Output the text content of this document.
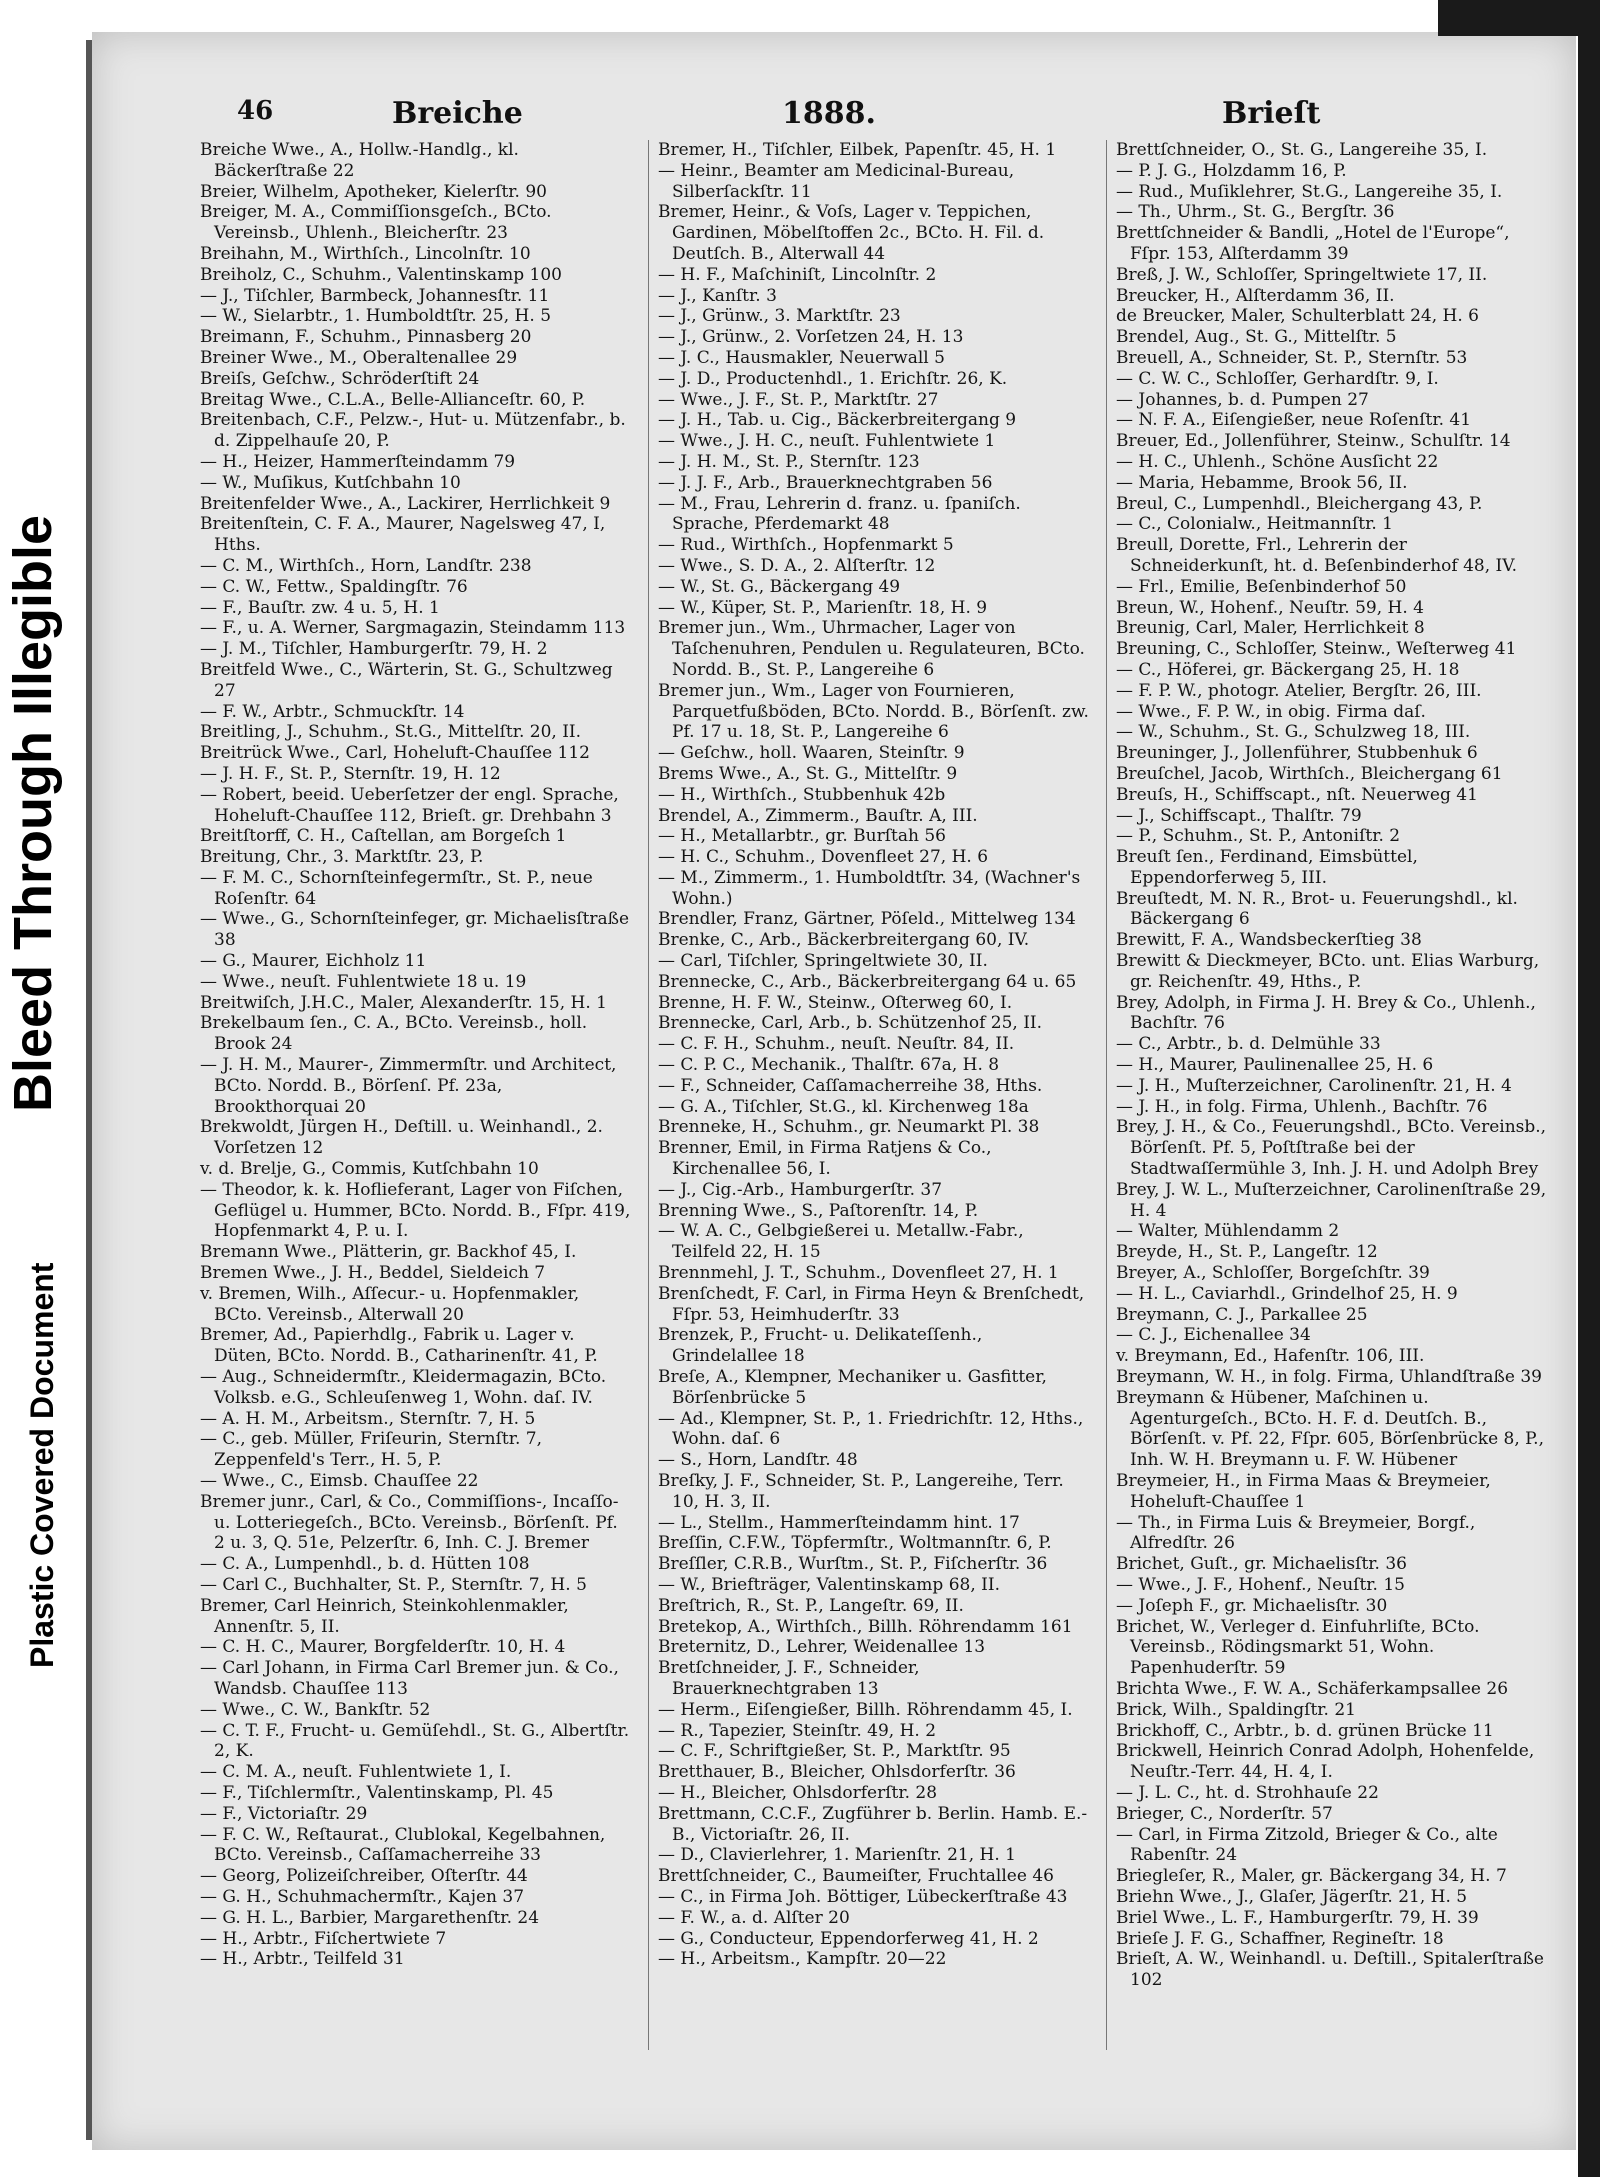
Bleed Through Illegible
Plastic Covered Document
46	Breiche	1888.	Brieſt
Breiche Wwe., A., Hollw.-Handlg., kl. Bäckerſtraße 22
Breier, Wilhelm, Apotheker, Kielerſtr. 90
Breiger, M. A., Commiſſionsgeſch., BCto. Vereinsb., Uhlenh., Bleicherſtr. 23
Breihahn, M., Wirthſch., Lincolnſtr. 10
Breiholz, C., Schuhm., Valentinskamp 100
— J., Tiſchler, Barmbeck, Johannesſtr. 11
— W., Sielarbtr., 1. Humboldtſtr. 25, H. 5
Breimann, F., Schuhm., Pinnasberg 20
Breiner Wwe., M., Oberaltenallee 29
Breiſs, Geſchw., Schröderſtift 24
Breitag Wwe., C.L.A., Belle-Allianceſtr. 60, P.
Breitenbach, C.F., Pelzw.-, Hut- u. Mützenfabr., b. d. Zippelhauſe 20, P.
— H., Heizer, Hammerſteindamm 79
— W., Muſikus, Kutſchbahn 10
Breitenfelder Wwe., A., Lackirer, Herrlichkeit 9
Breitenſtein, C. F. A., Maurer, Nagelsweg 47, I, Hths.
— C. M., Wirthſch., Horn, Landſtr. 238
— C. W., Fettw., Spaldingſtr. 76
— F., Bauſtr. zw. 4 u. 5, H. 1
— F., u. A. Werner, Sargmagazin, Steindamm 113
— J. M., Tiſchler, Hamburgerſtr. 79, H. 2
Breitfeld Wwe., C., Wärterin, St. G., Schultzweg 27
— F. W., Arbtr., Schmuckſtr. 14
Breitling, J., Schuhm., St.G., Mittelſtr. 20, II.
Breitrück Wwe., Carl, Hoheluft-Chauſſee 112
— J. H. F., St. P., Sternſtr. 19, H. 12
— Robert, beeid. Ueberſetzer der engl. Sprache, Hoheluft-Chauſſee 112, Brieſt. gr. Drehbahn 3
Breitſtorff, C. H., Caſtellan, am Borgeſch 1
Breitung, Chr., 3. Marktſtr. 23, P.
— F. M. C., Schornſteinfegermſtr., St. P., neue Roſenſtr. 64
— Wwe., G., Schornſteinfeger, gr. Michaelisſtraße 38
— G., Maurer, Eichholz 11
— Wwe., neuſt. Fuhlentwiete 18 u. 19
Breitwiſch, J.H.C., Maler, Alexanderſtr. 15, H. 1
Brekelbaum ſen., C. A., BCto. Vereinsb., holl. Brook 24
— J. H. M., Maurer-, Zimmermſtr. und Architect, BCto. Nordd. B., Börſenſ. Pf. 23a, Brookthorquai 20
Brekwoldt, Jürgen H., Deſtill. u. Weinhandl., 2. Vorſetzen 12
v. d. Brelje, G., Commis, Kutſchbahn 10
— Theodor, k. k. Hoflieferant, Lager von Fiſchen, Geflügel u. Hummer, BCto. Nordd. B., Fſpr. 419, Hopfenmarkt 4, P. u. I.
Bremann Wwe., Plätterin, gr. Backhof 45, I.
Bremen Wwe., J. H., Beddel, Sieldeich 7
v. Bremen, Wilh., Aſſecur.- u. Hopfenmakler, BCto. Vereinsb., Alterwall 20
Bremer, Ad., Papierhdlg., Fabrik u. Lager v. Düten, BCto. Nordd. B., Catharinenſtr. 41, P.
— Aug., Schneidermſtr., Kleidermagazin, BCto. Volksb. e.G., Schleuſenweg 1, Wohn. daſ. IV.
— A. H. M., Arbeitsm., Sternſtr. 7, H. 5
— C., geb. Müller, Friſeurin, Sternſtr. 7, Zeppenfeld's Terr., H. 5, P.
— Wwe., C., Eimsb. Chauſſee 22
Bremer junr., Carl, & Co., Commiſſions-, Incaſſo- u. Lotteriegeſch., BCto. Vereinsb., Börſenſt. Pf. 2 u. 3, Q. 51e, Pelzerſtr. 6, Inh. C. J. Bremer
— C. A., Lumpenhdl., b. d. Hütten 108
— Carl C., Buchhalter, St. P., Sternſtr. 7, H. 5
Bremer, Carl Heinrich, Steinkohlenmakler, Annenſtr. 5, II.
— C. H. C., Maurer, Borgfelderſtr. 10, H. 4
— Carl Johann, in Firma Carl Bremer jun. & Co., Wandsb. Chauſſee 113
— Wwe., C. W., Bankſtr. 52
— C. T. F., Frucht- u. Gemüſehdl., St. G., Albertſtr. 2, K.
— C. M. A., neuſt. Fuhlentwiete 1, I.
— F., Tiſchlermſtr., Valentinskamp, Pl. 45
— F., Victoriaſtr. 29
— F. C. W., Reſtaurat., Clublokal, Kegelbahnen, BCto. Vereinsb., Caſſamacherreihe 33
— Georg, Polizeiſchreiber, Oſterſtr. 44
— G. H., Schuhmachermſtr., Kajen 37
— G. H. L., Barbier, Margarethenſtr. 24
— H., Arbtr., Fiſchertwiete 7
— H., Arbtr., Teilfeld 31
Bremer, H., Tiſchler, Eilbek, Papenſtr. 45, H. 1
— Heinr., Beamter am Medicinal-Bureau, Silberſackſtr. 11
Bremer, Heinr., & Voſs, Lager v. Teppichen, Gardinen, Möbelſtoffen 2c., BCto. H. Fil. d. Deutſch. B., Alterwall 44
— H. F., Maſchiniſt, Lincolnſtr. 2
— J., Kanſtr. 3
— J., Grünw., 3. Marktſtr. 23
— J., Grünw., 2. Vorſetzen 24, H. 13
— J. C., Hausmakler, Neuerwall 5
— J. D., Productenhdl., 1. Erichſtr. 26, K.
— Wwe., J. F., St. P., Marktſtr. 27
— J. H., Tab. u. Cig., Bäckerbreitergang 9
— Wwe., J. H. C., neuſt. Fuhlentwiete 1
— J. H. M., St. P., Sternſtr. 123
— J. J. F., Arb., Brauerknechtgraben 56
— M., Frau, Lehrerin d. franz. u. ſpaniſch. Sprache, Pferdemarkt 48
— Rud., Wirthſch., Hopfenmarkt 5
— Wwe., S. D. A., 2. Alſterſtr. 12
— W., St. G., Bäckergang 49
— W., Küper, St. P., Marienſtr. 18, H. 9
Bremer jun., Wm., Uhrmacher, Lager von Taſchenuhren, Pendulen u. Regulateuren, BCto. Nordd. B., St. P., Langereihe 6
Bremer jun., Wm., Lager von Fournieren, Parquetfußböden, BCto. Nordd. B., Börſenſt. zw. Pf. 17 u. 18, St. P., Langereihe 6
— Geſchw., holl. Waaren, Steinſtr. 9
Brems Wwe., A., St. G., Mittelſtr. 9
— H., Wirthſch., Stubbenhuk 42b
Brendel, A., Zimmerm., Bauſtr. A, III.
— H., Metallarbtr., gr. Burſtah 56
— H. C., Schuhm., Dovenfleet 27, H. 6
— M., Zimmerm., 1. Humboldtſtr. 34, (Wachner's Wohn.)
Brendler, Franz, Gärtner, Pöſeld., Mittelweg 134
Brenke, C., Arb., Bäckerbreitergang 60, IV.
— Carl, Tiſchler, Springeltwiete 30, II.
Brennecke, C., Arb., Bäckerbreitergang 64 u. 65
Brenne, H. F. W., Steinw., Oſterweg 60, I.
Brennecke, Carl, Arb., b. Schützenhof 25, II.
— C. F. H., Schuhm., neuſt. Neuſtr. 84, II.
— C. P. C., Mechanik., Thalſtr. 67a, H. 8
— F., Schneider, Caſſamacherreihe 38, Hths.
— G. A., Tiſchler, St.G., kl. Kirchenweg 18a
Brenneke, H., Schuhm., gr. Neumarkt Pl. 38
Brenner, Emil, in Firma Ratjens & Co., Kirchenallee 56, I.
— J., Cig.-Arb., Hamburgerſtr. 37
Brenning Wwe., S., Paſtorenſtr. 14, P.
— W. A. C., Gelbgießerei u. Metallw.-Fabr., Teilfeld 22, H. 15
Brennmehl, J. T., Schuhm., Dovenfleet 27, H. 1
Brenſchedt, F. Carl, in Firma Heyn & Brenſchedt, Fſpr. 53, Heimhuderſtr. 33
Brenzek, P., Frucht- u. Delikateſſenh., Grindelallee 18
Breſe, A., Klempner, Mechaniker u. Gasfitter, Börſenbrücke 5
— Ad., Klempner, St. P., 1. Friedrichſtr. 12, Hths., Wohn. daſ. 6
— S., Horn, Landſtr. 48
Breſky, J. F., Schneider, St. P., Langereihe, Terr. 10, H. 3, II.
— L., Stellm., Hammerſteindamm hint. 17
Breſſin, C.F.W., Töpfermſtr., Woltmannſtr. 6, P.
Breſſler, C.R.B., Wurſtm., St. P., Fiſcherſtr. 36
— W., Briefträger, Valentinskamp 68, II.
Breſtrich, R., St. P., Langeſtr. 69, II.
Bretekop, A., Wirthſch., Billh. Röhrendamm 161
Breternitz, D., Lehrer, Weidenallee 13
Bretſchneider, J. F., Schneider, Brauerknechtgraben 13
— Herm., Eiſengießer, Billh. Röhrendamm 45, I.
— R., Tapezier, Steinſtr. 49, H. 2
— C. F., Schriftgießer, St. P., Marktſtr. 95
Bretthauer, B., Bleicher, Ohlsdorferſtr. 36
— H., Bleicher, Ohlsdorferſtr. 28
Brettmann, C.C.F., Zugführer b. Berlin. Hamb. E.-B., Victoriaſtr. 26, II.
— D., Clavierlehrer, 1. Marienſtr. 21, H. 1
Brettſchneider, C., Baumeiſter, Fruchtallee 46
— C., in Firma Joh. Böttiger, Lübeckerſtraße 43
— F. W., a. d. Alſter 20
— G., Conducteur, Eppendorferweg 41, H. 2
— H., Arbeitsm., Kampſtr. 20—22
Brettſchneider, O., St. G., Langereihe 35, I.
— P. J. G., Holzdamm 16, P.
— Rud., Muſiklehrer, St.G., Langereihe 35, I.
— Th., Uhrm., St. G., Bergſtr. 36
Brettſchneider & Bandli, „Hotel de l'Europe“, Fſpr. 153, Alſterdamm 39
Breß, J. W., Schloſſer, Springeltwiete 17, II.
Breucker, H., Alſterdamm 36, II.
de Breucker, Maler, Schulterblatt 24, H. 6
Brendel, Aug., St. G., Mittelſtr. 5
Breuell, A., Schneider, St. P., Sternſtr. 53
— C. W. C., Schloſſer, Gerhardſtr. 9, I.
— Johannes, b. d. Pumpen 27
— N. F. A., Eiſengießer, neue Roſenſtr. 41
Breuer, Ed., Jollenführer, Steinw., Schulſtr. 14
— H. C., Uhlenh., Schöne Ausſicht 22
— Maria, Hebamme, Brook 56, II.
Breul, C., Lumpenhdl., Bleichergang 43, P.
— C., Colonialw., Heitmannſtr. 1
Breull, Dorette, Frl., Lehrerin der Schneiderkunſt, ht. d. Beſenbinderhof 48, IV.
— Frl., Emilie, Beſenbinderhof 50
Breun, W., Hohenf., Neuſtr. 59, H. 4
Breunig, Carl, Maler, Herrlichkeit 8
Breuning, C., Schloſſer, Steinw., Weſterweg 41
— C., Höferei, gr. Bäckergang 25, H. 18
— F. P. W., photogr. Atelier, Bergſtr. 26, III.
— Wwe., F. P. W., in obig. Firma daſ.
— W., Schuhm., St. G., Schulzweg 18, III.
Breuninger, J., Jollenführer, Stubbenhuk 6
Breuſchel, Jacob, Wirthſch., Bleichergang 61
Breuſs, H., Schiffscapt., nſt. Neuerweg 41
— J., Schiffscapt., Thalſtr. 79
— P., Schuhm., St. P., Antoniſtr. 2
Breuſt ſen., Ferdinand, Eimsbüttel, Eppendorferweg 5, III.
Breuſtedt, M. N. R., Brot- u. Feuerungshdl., kl. Bäckergang 6
Brewitt, F. A., Wandsbeckerſtieg 38
Brewitt & Dieckmeyer, BCto. unt. Elias Warburg, gr. Reichenſtr. 49, Hths., P.
Brey, Adolph, in Firma J. H. Brey & Co., Uhlenh., Bachſtr. 76
— C., Arbtr., b. d. Delmühle 33
— H., Maurer, Paulinenallee 25, H. 6
— J. H., Muſterzeichner, Carolinenſtr. 21, H. 4
— J. H., in folg. Firma, Uhlenh., Bachſtr. 76
Brey, J. H., & Co., Feuerungshdl., BCto. Vereinsb., Börſenſt. Pf. 5, Poſtſtraße bei der Stadtwaſſermühle 3, Inh. J. H. und Adolph Brey
Brey, J. W. L., Muſterzeichner, Carolinenſtraße 29, H. 4
— Walter, Mühlendamm 2
Breyde, H., St. P., Langeſtr. 12
Breyer, A., Schloſſer, Borgeſchſtr. 39
— H. L., Caviarhdl., Grindelhof 25, H. 9
Breymann, C. J., Parkallee 25
— C. J., Eichenallee 34
v. Breymann, Ed., Hafenſtr. 106, III.
Breymann, W. H., in folg. Firma, Uhlandſtraße 39
Breymann & Hübener, Maſchinen u. Agenturgeſch., BCto. H. F. d. Deutſch. B., Börſenſt. v. Pf. 22, Fſpr. 605, Börſenbrücke 8, P., Inh. W. H. Breymann u. F. W. Hübener
Breymeier, H., in Firma Maas & Breymeier, Hoheluft-Chauſſee 1
— Th., in Firma Luis & Breymeier, Borgf., Alfredſtr. 26
Brichet, Guſt., gr. Michaelisſtr. 36
— Wwe., J. F., Hohenf., Neuſtr. 15
— Joſeph F., gr. Michaelisſtr. 30
Brichet, W., Verleger d. Einfuhrliſte, BCto. Vereinsb., Rödingsmarkt 51, Wohn. Papenhuderſtr. 59
Brichta Wwe., F. W. A., Schäferkampsallee 26
Brick, Wilh., Spaldingſtr. 21
Brickhoff, C., Arbtr., b. d. grünen Brücke 11
Brickwell, Heinrich Conrad Adolph, Hohenfelde, Neuſtr.-Terr. 44, H. 4, I.
— J. L. C., ht. d. Strohhauſe 22
Brieger, C., Norderſtr. 57
— Carl, in Firma Zitzold, Brieger & Co., alte Rabenſtr. 24
Briegleſer, R., Maler, gr. Bäckergang 34, H. 7
Briehn Wwe., J., Glaſer, Jägerſtr. 21, H. 5
Briel Wwe., L. F., Hamburgerſtr. 79, H. 39
Brieſe J. F. G., Schaffner, Regineſtr. 18
Brieſt, A. W., Weinhandl. u. Deſtill., Spitalerſtraße 102
